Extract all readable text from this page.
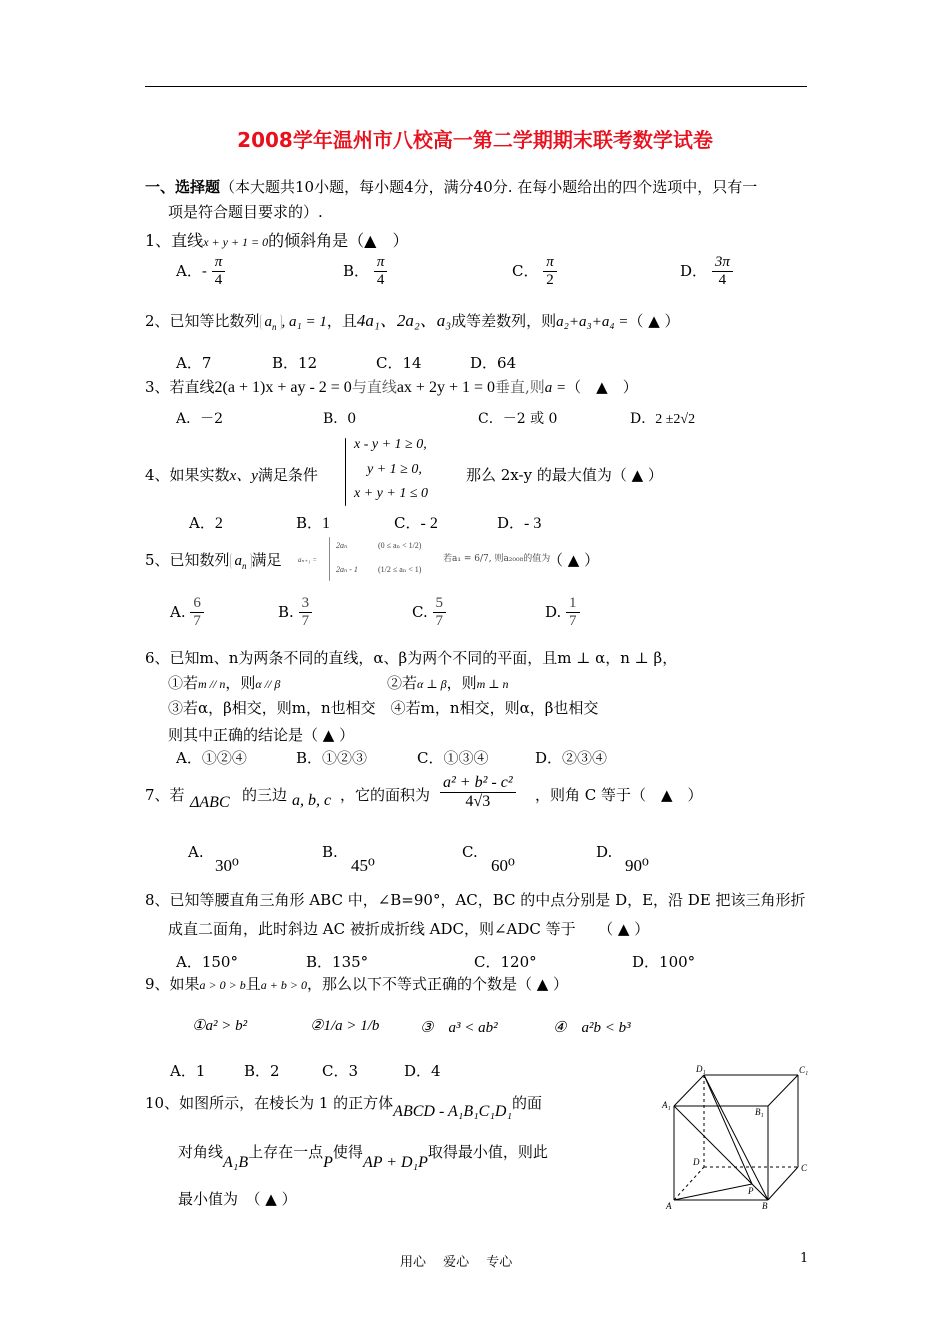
2008学年温州市八校高一第二学期期末联考数学试卷
一、选择题（本大题共10小题，每小题4分，满分40分. 在每小题给出的四个选项中，只有一
项是符合题目要求的）.
1、直线x + y + 1 = 0的倾斜角是（▲　）
A．- $\frac{\pi}{4}$	B． $\frac{\pi}{4}$	C． $\frac{\pi}{2}$	D． $\frac{3\pi}{4}$
2、已知等比数列 $a_n$ , a₁ = 1，且4a₁、2a₂、a₃成等差数列，则a₂+a₃+a₄ =（ ▲ ）
A．7	B．12	C．14	D．64
3、若直线2(a + 1)x + ay - 2 = 0与直线ax + 2y + 1 = 0垂直,则a =（　▲　）
A．－2	B．0	C．－2 或 0	D．2 ±2√2
4、如果实数x、y满足条件
x - y + 1 ≥ 0,
y + 1 ≥ 0,
x + y + 1 ≤ 0
那么 2x-y 的最大值为（ ▲ ）
A．2	B．1	C．- 2	D．- 3
5、已知数列 $a_n$ 满足 aₙ₊₁ =
2aₙ	(0 ≤ aₙ < 1/2)
2aₙ - 1	(1/2 ≤ aₙ < 1)
若a₁ = 6/7, 则a₂₀₀₈的值为
（ ▲ ）
A. $\frac{6}{7}$	B. $\frac{3}{7}$	C. $\frac{5}{7}$	D. $\frac{1}{7}$
6、已知m、n为两条不同的直线，α、β为两个不同的平面，且m ⊥ α，n ⊥ β，
①若m // n，则α // β	②若α ⊥ β，则m ⊥ n
③若α，β相交，则m，n也相交　④若m，n相交，则α，β也相交
则其中正确的结论是（ ▲ ）
A．①②④	B．①②③	C．①③④	D．②③④
7、若 ΔABC 的三边 a, b, c ，它的面积为 $\frac{\text{a² + b² - c²}}{4√3}$ ，则角 C 等于（　▲　）
A.
30⁰
B.
45⁰
C.
60⁰
D.
90⁰
8、已知等腰直角三角形 ABC 中，∠B=90°，AC，BC 的中点分别是 D，E，沿 DE 把该三角形折
成直二面角，此时斜边 AC 被折成折线 ADC，则∠ADC 等于　　（ ▲ ）
A．150°	B．135°	C．120°	D．100°
9、如果a > 0 > b且a + b > 0，那么以下不等式正确的个数是（ ▲ ）
①a² > b²	②1/a > 1/b	③　a³ < ab²	④　a²b < b³
A．1	B．2	C．3	D．4
10、如图所示，在棱长为 1 的正方体ABCD - A₁B₁C₁D₁的面
对角线A₁B上存在一点P使得AP + D₁P取得最小值，则此
最小值为　（ ▲ ）
D₁	C₁
A₁
B₁
D
C
A
P
B
用心　 爱心　 专心	1
